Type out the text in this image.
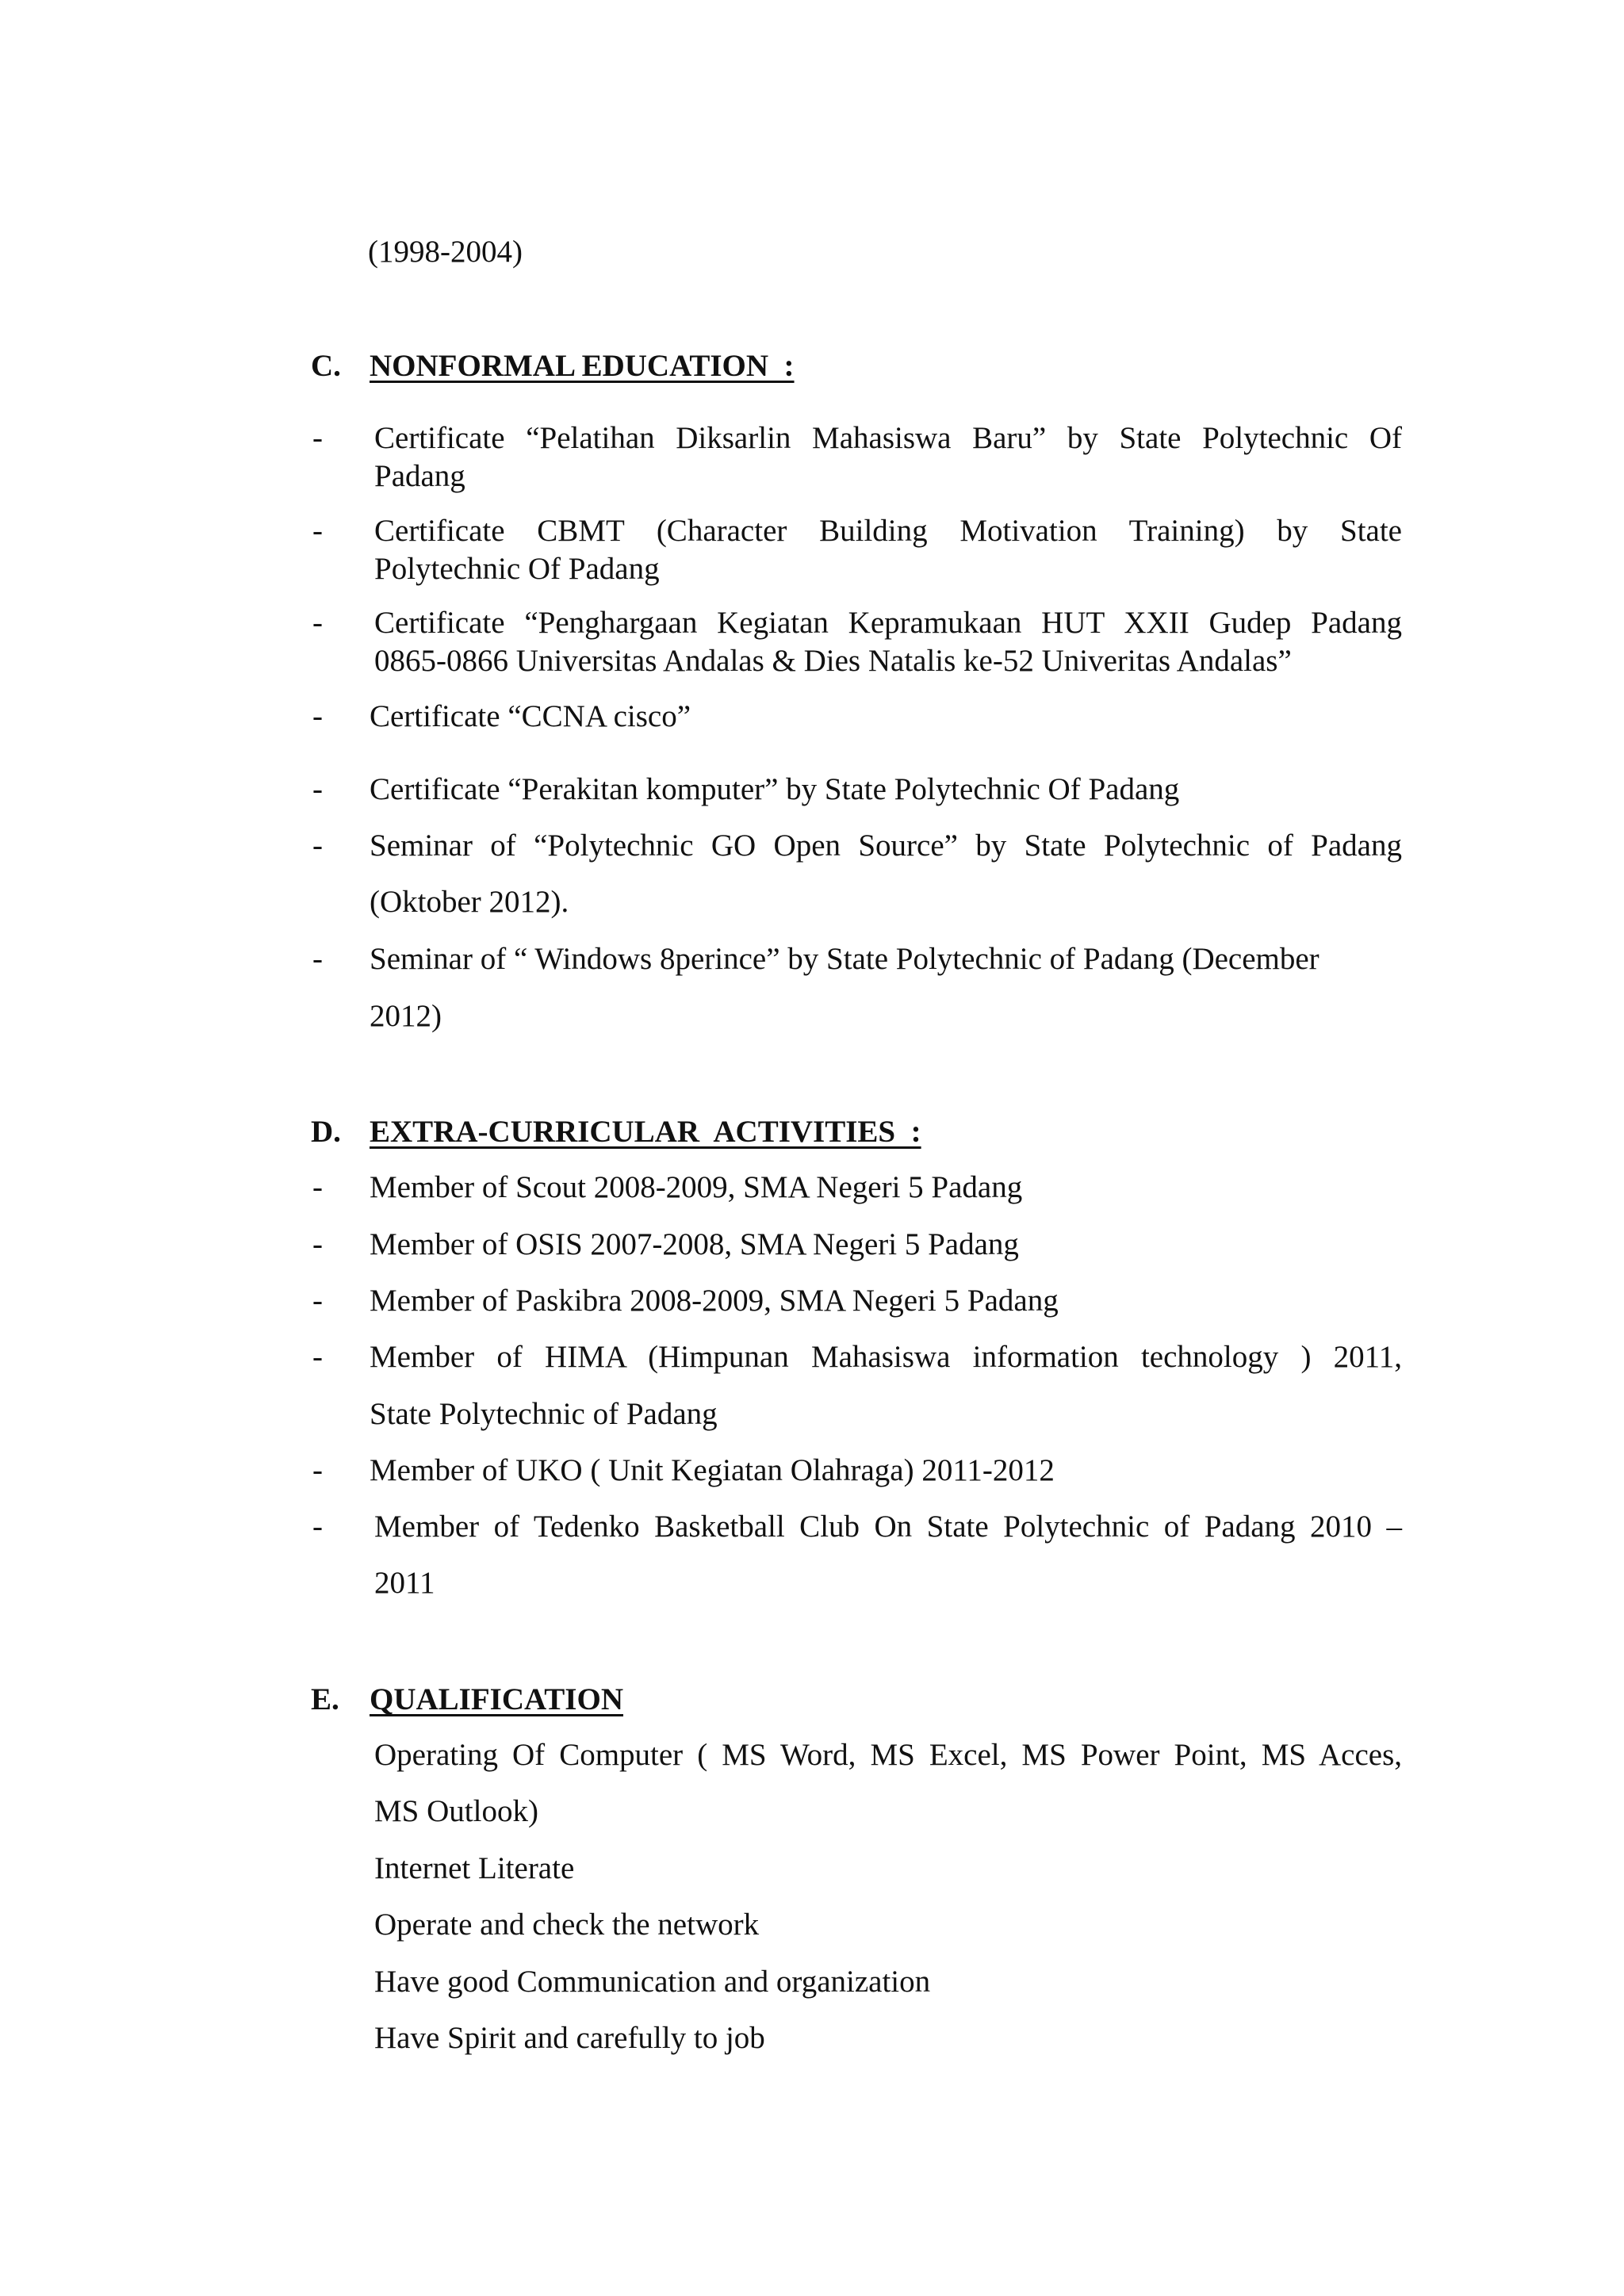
(1998-2004)
C. NONFORMAL EDUCATION  :
- Certificate “Pelatihan Diksarlin Mahasiswa Baru” by State Polytechnic Of
Padang
- Certificate CBMT (Character Building Motivation Training) by State
Polytechnic Of Padang
- Certificate “Penghargaan Kegiatan Kepramukaan HUT XXII Gudep Padang
0865-0866 Universitas Andalas & Dies Natalis ke-52 Univeritas Andalas”
- Certificate “CCNA cisco”
- Certificate “Perakitan komputer” by State Polytechnic Of Padang
- Seminar of “Polytechnic GO Open Source” by State Polytechnic of Padang
(Oktober 2012).
- Seminar of “ Windows 8perince” by State Polytechnic of Padang (December
2012)
D. EXTRA-CURRICULAR  ACTIVITIES  :
- Member of Scout 2008-2009, SMA Negeri 5 Padang
- Member of OSIS 2007-2008, SMA Negeri 5 Padang
- Member of Paskibra 2008-2009, SMA Negeri 5 Padang
- Member of HIMA (Himpunan Mahasiswa information technology ) 2011,
State Polytechnic of Padang
- Member of UKO ( Unit Kegiatan Olahraga) 2011-2012
- Member of Tedenko Basketball Club On State Polytechnic of Padang 2010 –
2011
E. QUALIFICATION
Operating Of Computer ( MS Word, MS Excel, MS Power Point, MS Acces,
MS Outlook)
Internet Literate
Operate and check the network
Have good Communication and organization
Have Spirit and carefully to job
